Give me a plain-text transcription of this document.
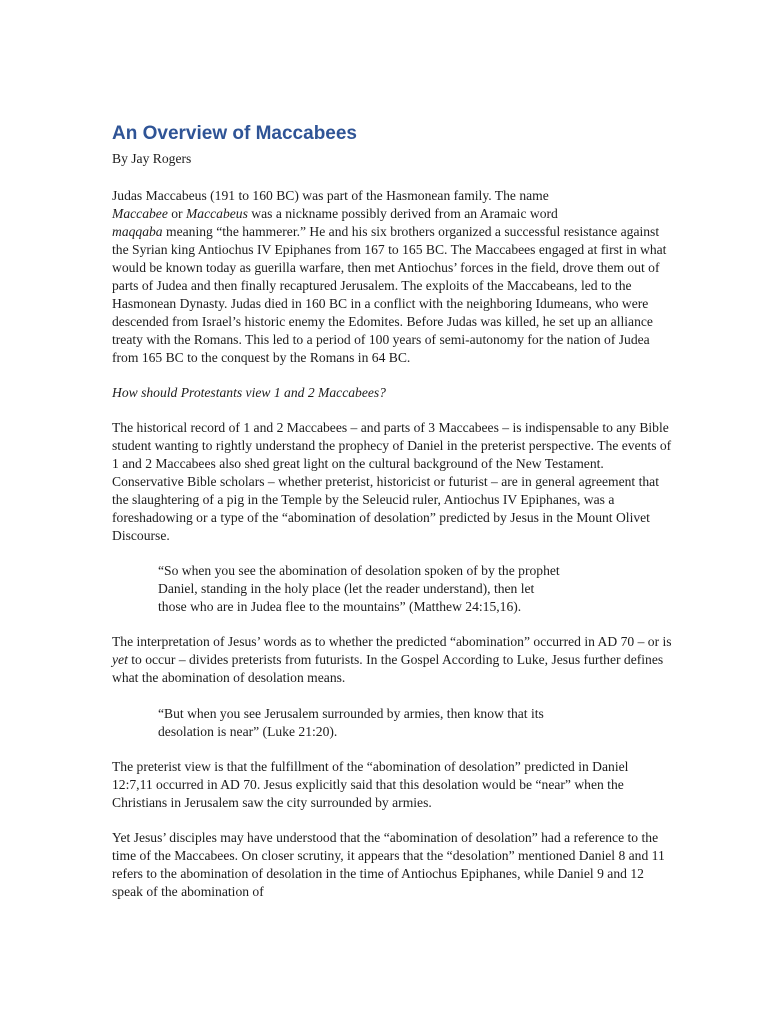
An Overview of Maccabees

By Jay Rogers

Judas Maccabeus (191 to 160 BC) was part of the Hasmonean family. The name
Maccabee or Maccabeus was a nickname possibly derived from an Aramaic word
maqqaba meaning “the hammerer.” He and his six brothers organized a successful resistance against the Syrian king Antiochus IV Epiphanes from 167 to 165 BC. The Maccabees engaged at first in what would be known today as guerilla warfare, then met Antiochus’ forces in the field, drove them out of parts of Judea and then finally recaptured Jerusalem. The exploits of the Maccabeans, led to the Hasmonean Dynasty. Judas died in 160 BC in a conflict with the neighboring Idumeans, who were descended from Israel’s historic enemy the Edomites. Before Judas was killed, he set up an alliance treaty with the Romans. This led to a period of 100 years of semi-autonomy for the nation of Judea from 165 BC to the conquest by the Romans in 64 BC.

How should Protestants view 1 and 2 Maccabees?

The historical record of 1 and 2 Maccabees – and parts of 3 Maccabees – is indispensable to any Bible student wanting to rightly understand the prophecy of Daniel in the preterist perspective. The events of 1 and 2 Maccabees also shed great light on the cultural background of the New Testament. Conservative Bible scholars – whether preterist, historicist or futurist – are in general agreement that the slaughtering of a pig in the Temple by the Seleucid ruler, Antiochus IV Epiphanes, was a foreshadowing or a type of the “abomination of desolation” predicted by Jesus in the Mount Olivet Discourse.

“So when you see the abomination of desolation spoken of by the prophet
Daniel, standing in the holy place (let the reader understand), then let
those who are in Judea flee to the mountains” (Matthew 24:15,16).

The interpretation of Jesus’ words as to whether the predicted “abomination” occurred in AD 70 – or is yet to occur – divides preterists from futurists. In the Gospel According to Luke, Jesus further defines what the abomination of desolation means.

“But when you see Jerusalem surrounded by armies, then know that its
desolation is near” (Luke 21:20).

The preterist view is that the fulfillment of the “abomination of desolation” predicted in Daniel 12:7,11 occurred in AD 70. Jesus explicitly said that this desolation would be “near” when the Christians in Jerusalem saw the city surrounded by armies.

Yet Jesus’ disciples may have understood that the “abomination of desolation” had a reference to the time of the Maccabees. On closer scrutiny, it appears that the “desolation” mentioned Daniel 8 and 11 refers to the abomination of desolation in the time of Antiochus Epiphanes, while Daniel 9 and 12 speak of the abomination of
